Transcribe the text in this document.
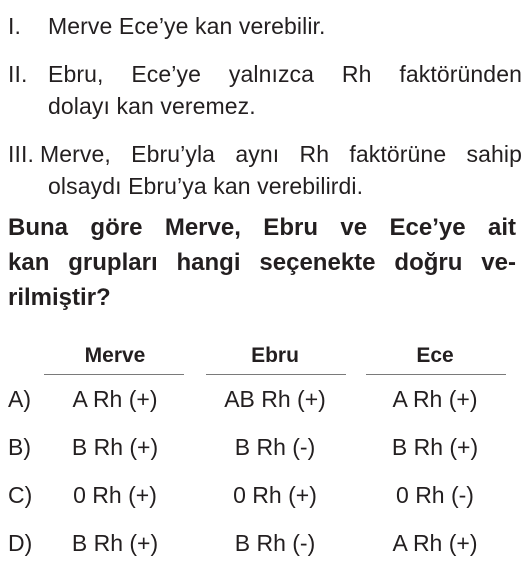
I.	Merve Ece’ye kan verebilir.
II. Ebru, Ece’ye yalnızca Rh faktöründen
dolayı kan veremez.
III. Merve, Ebru’yla aynı Rh faktörüne sahip
olsaydı Ebru’ya kan verebilirdi.
Buna göre Merve, Ebru ve Ece’ye ait
kan grupları hangi seçenekte doğru ve-
rilmiştir?
Merve	Ebru	Ece
A)	A Rh (+)	AB Rh (+)	A Rh (+)
B)	B Rh (+)	B Rh (-)	B Rh (+)
C)	0 Rh (+)	0 Rh (+)	0 Rh (-)
D)	B Rh (+)	B Rh (-)	A Rh (+)
